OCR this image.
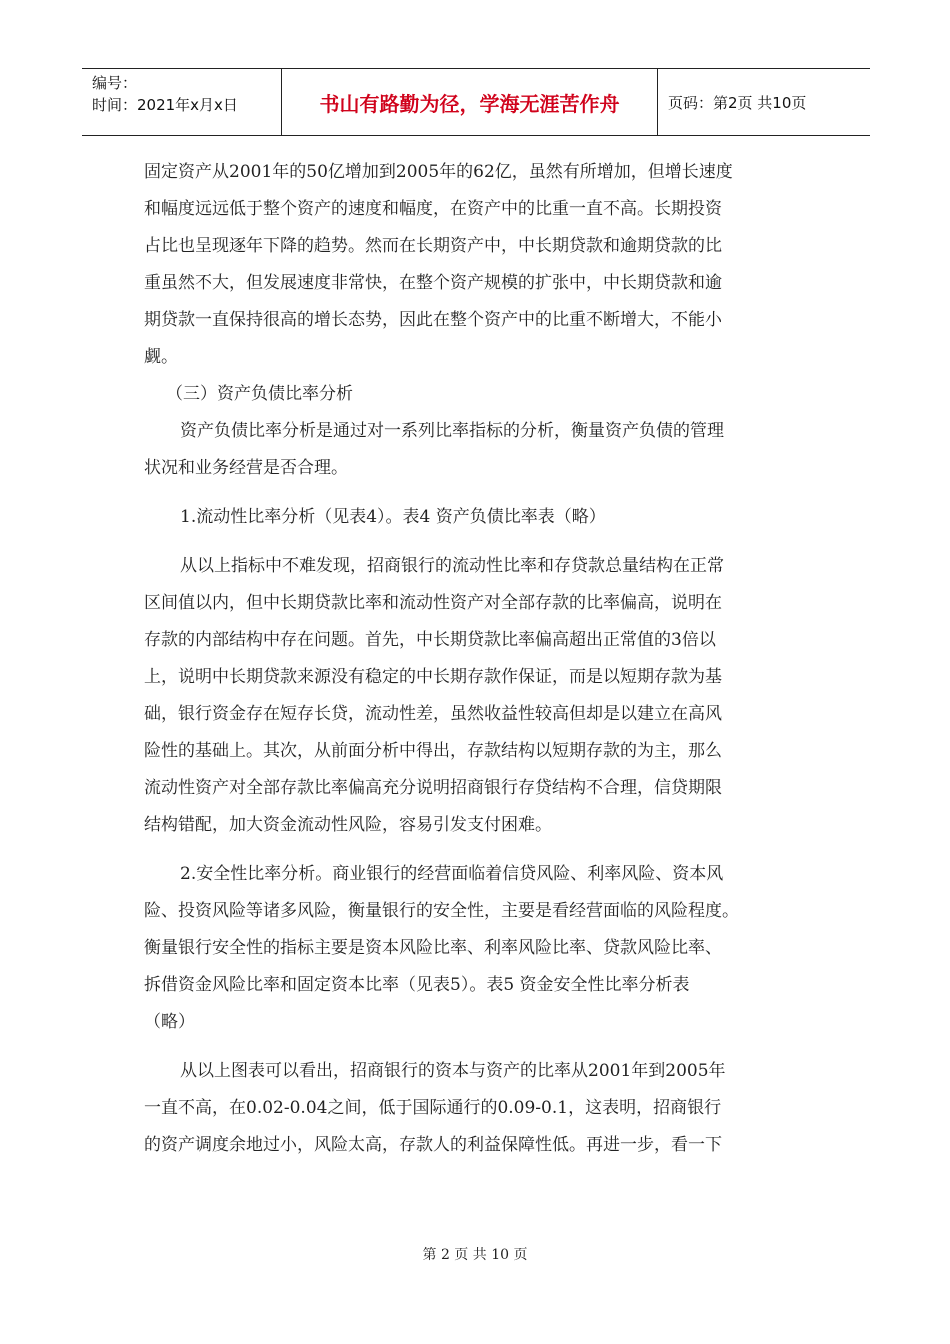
编号：
时间：2021年x月x日	书山有路勤为径，学海无涯苦作舟	页码：第2页 共10页

固定资产从2001年的50亿增加到2005年的62亿，虽然有所增加，但增长速度

和幅度远远低于整个资产的速度和幅度，在资产中的比重一直不高。长期投资

占比也呈现逐年下降的趋势。然而在长期资产中，中长期贷款和逾期贷款的比

重虽然不大，但发展速度非常快，在整个资产规模的扩张中，中长期贷款和逾

期贷款一直保持很高的增长态势，因此在整个资产中的比重不断增大，不能小

觑。

（三）资产负债比率分析

资产负债比率分析是通过对一系列比率指标的分析，衡量资产负债的管理

状况和业务经营是否合理。

1.流动性比率分析（见表4）。表4 资产负债比率表（略）

从以上指标中不难发现，招商银行的流动性比率和存贷款总量结构在正常

区间值以内，但中长期贷款比率和流动性资产对全部存款的比率偏高，说明在

存款的内部结构中存在问题。首先，中长期贷款比率偏高超出正常值的3倍以

上，说明中长期贷款来源没有稳定的中长期存款作保证，而是以短期存款为基

础，银行资金存在短存长贷，流动性差，虽然收益性较高但却是以建立在高风

险性的基础上。其次，从前面分析中得出，存款结构以短期存款的为主，那么

流动性资产对全部存款比率偏高充分说明招商银行存贷结构不合理，信贷期限

结构错配，加大资金流动性风险，容易引发支付困难。

2.安全性比率分析。商业银行的经营面临着信贷风险、利率风险、资本风

险、投资风险等诸多风险，衡量银行的安全性，主要是看经营面临的风险程度。

衡量银行安全性的指标主要是资本风险比率、利率风险比率、贷款风险比率、

拆借资金风险比率和固定资本比率（见表5）。表5 资金安全性比率分析表

（略）

从以上图表可以看出，招商银行的资本与资产的比率从2001年到2005年

一直不高，在0.02-0.04之间，低于国际通行的0.09-0.1，这表明，招商银行

的资产调度余地过小，风险太高，存款人的利益保障性低。再进一步，看一下

第 2 页 共 10 页
